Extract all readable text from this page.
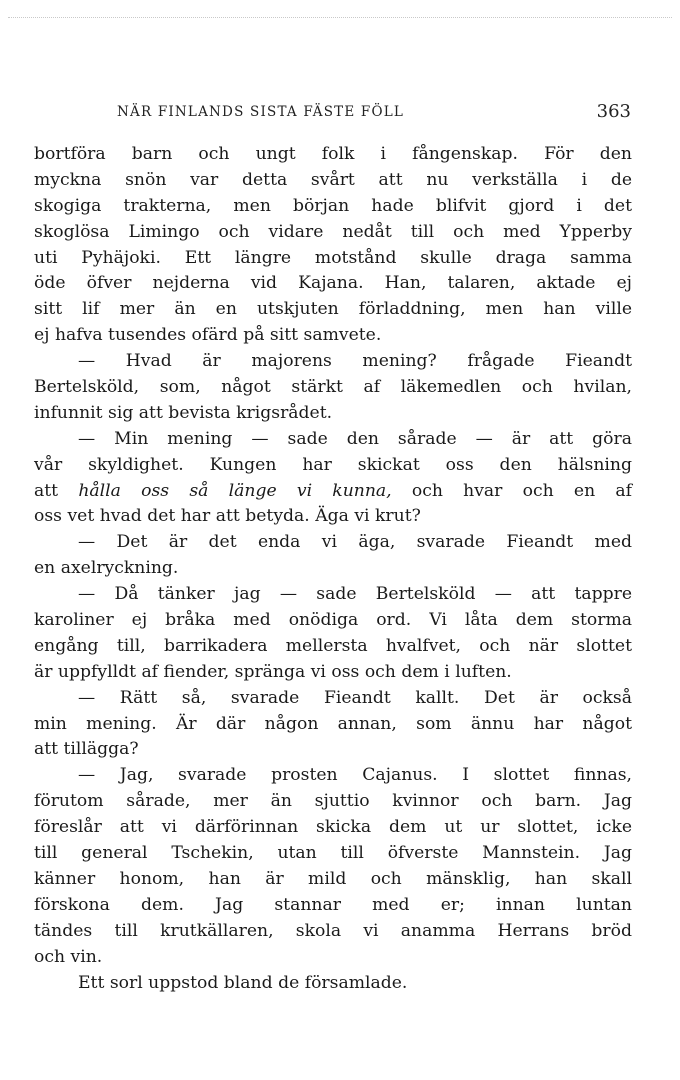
NÄR FINLANDS SISTA FÄSTE FÖLL	363
bortföra barn och ungt folk i fångenskap. För den
myckna snön var detta svårt att nu verkställa i de
skogiga trakterna, men början hade blifvit gjord i det
skoglösa Limingo och vidare nedåt till och med Ypperby
uti Pyhäjoki. Ett längre motstånd skulle draga samma
öde öfver nejderna vid Kajana. Han, talaren, aktade ej
sitt lif mer än en utskjuten förladdning, men han ville
ej hafva tusendes ofärd på sitt samvete.
— Hvad är majorens mening? frågade Fieandt
Bertelsköld, som, något stärkt af läkemedlen och hvilan,
infunnit sig att bevista krigsrådet.
— Min mening — sade den sårade — är att göra
vår skyldighet. Kungen har skickat oss den hälsning
att hålla oss så länge vi kunna, och hvar och en af
oss vet hvad det har att betyda. Äga vi krut?
— Det är det enda vi äga, svarade Fieandt med
en axelryckning.
— Då tänker jag — sade Bertelsköld — att tappre
karoliner ej bråka med onödiga ord. Vi låta dem storma
engång till, barrikadera mellersta hvalfvet, och när slottet
är uppfylldt af fiender, spränga vi oss och dem i luften.
— Rätt så, svarade Fieandt kallt. Det är också
min mening. Är där någon annan, som ännu har något
att tillägga?
— Jag, svarade prosten Cajanus. I slottet finnas,
förutom sårade, mer än sjuttio kvinnor och barn. Jag
föreslår att vi därförinnan skicka dem ut ur slottet, icke
till general Tschekin, utan till öfverste Mannstein. Jag
känner honom, han är mild och mänsklig, han skall
förskona dem. Jag stannar med er; innan luntan
tändes till krutkällaren, skola vi anamma Herrans bröd
och vin.
Ett sorl uppstod bland de församlade.
